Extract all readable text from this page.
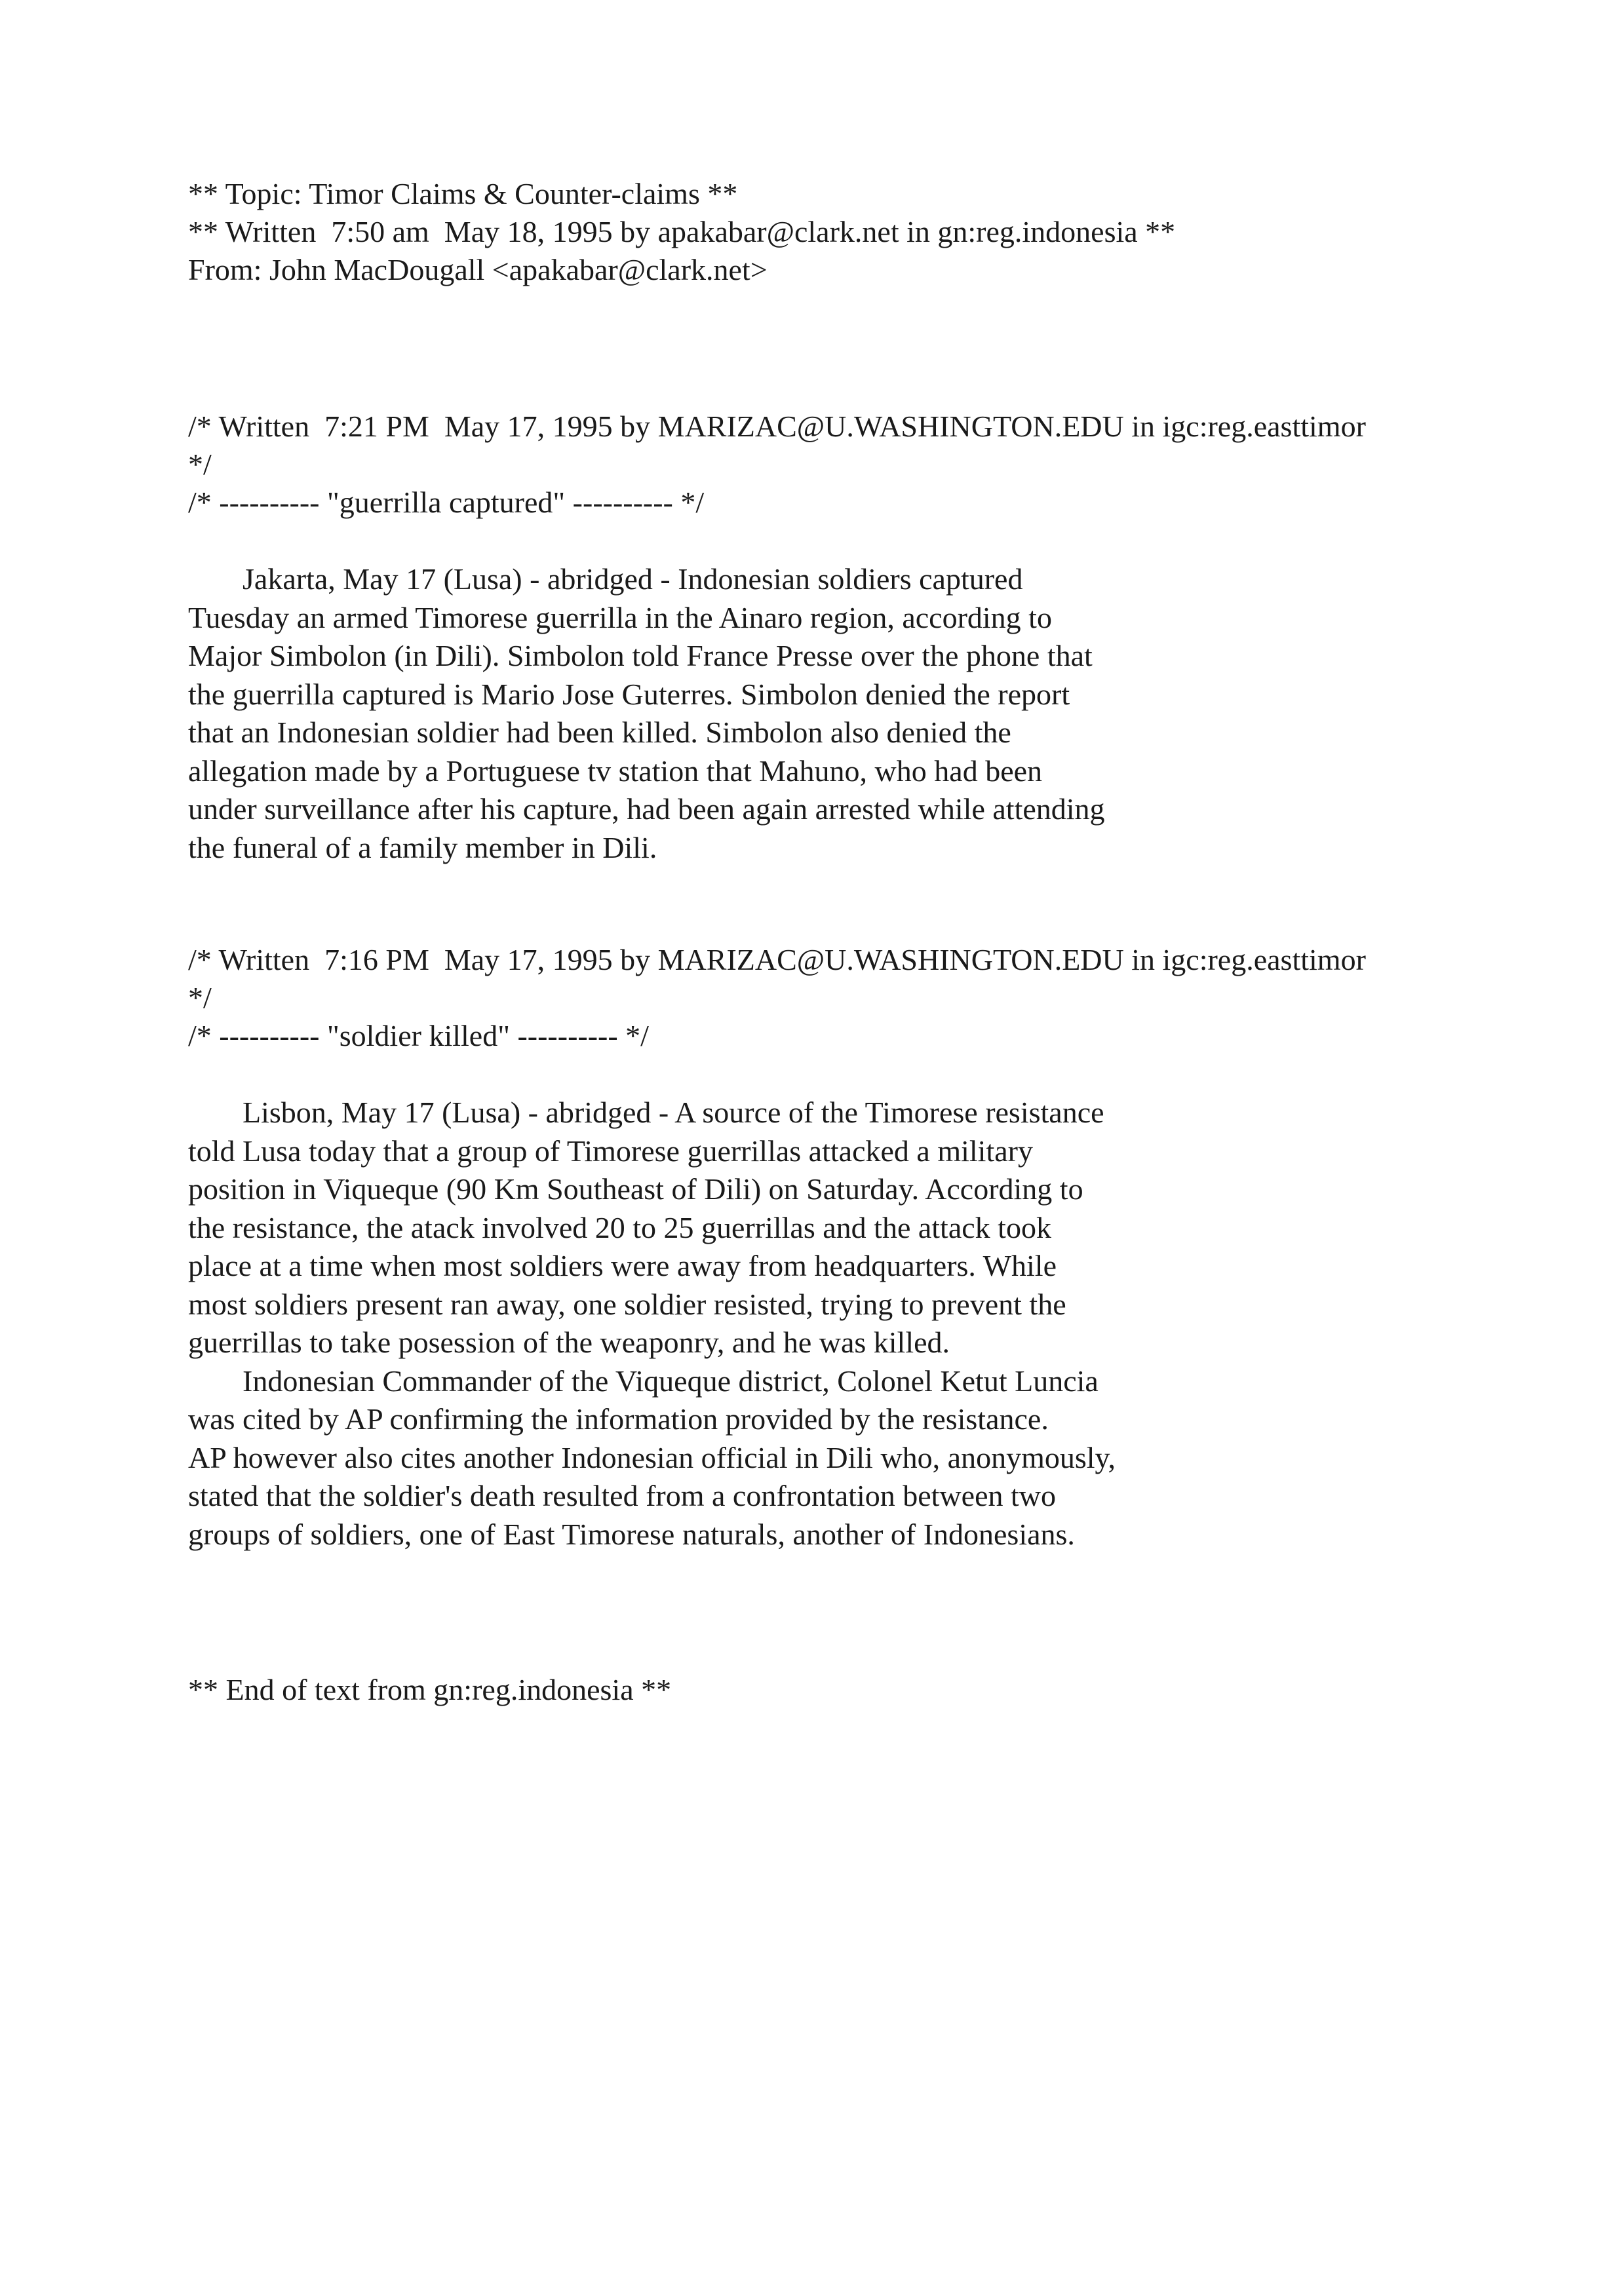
** Topic: Timor Claims & Counter-claims **
** Written  7:50 am  May 18, 1995 by apakabar@clark.net in gn:reg.indonesia **
From: John MacDougall <apakabar@clark.net>
/* Written  7:21 PM  May 17, 1995 by MARIZAC@U.WASHINGTON.EDU in igc:reg.easttimor
*/
/* ---------- "guerrilla captured" ---------- */

Jakarta, May 17 (Lusa) - abridged - Indonesian soldiers captured
Tuesday an armed Timorese guerrilla in the Ainaro region, according to
Major Simbolon (in Dili). Simbolon told France Presse over the phone that
the guerrilla captured is Mario Jose Guterres. Simbolon denied the report
that an Indonesian soldier had been killed. Simbolon also denied the
allegation made by a Portuguese tv station that Mahuno, who had been
under surveillance after his capture, had been again arrested while attending
the funeral of a family member in Dili.

/* Written  7:16 PM  May 17, 1995 by MARIZAC@U.WASHINGTON.EDU in igc:reg.easttimor
*/
/* ---------- "soldier killed" ---------- */

Lisbon, May 17 (Lusa) - abridged - A source of the Timorese resistance
told Lusa today that a group of Timorese guerrillas attacked a military
position in Viqueque (90 Km Southeast of Dili) on Saturday. According to
the resistance, the atack involved 20 to 25 guerrillas and the attack took
place at a time when most soldiers were away from headquarters. While
most soldiers present ran away, one soldier resisted, trying to prevent the
guerrillas to take posession of the weaponry, and he was killed.

Indonesian Commander of the Viqueque district, Colonel Ketut Luncia
was cited by AP confirming the information provided by the resistance.
AP however also cites another Indonesian official in Dili who, anonymously,
stated that the soldier's death resulted from a confrontation between two
groups of soldiers, one of East Timorese naturals, another of Indonesians.

** End of text from gn:reg.indonesia **
